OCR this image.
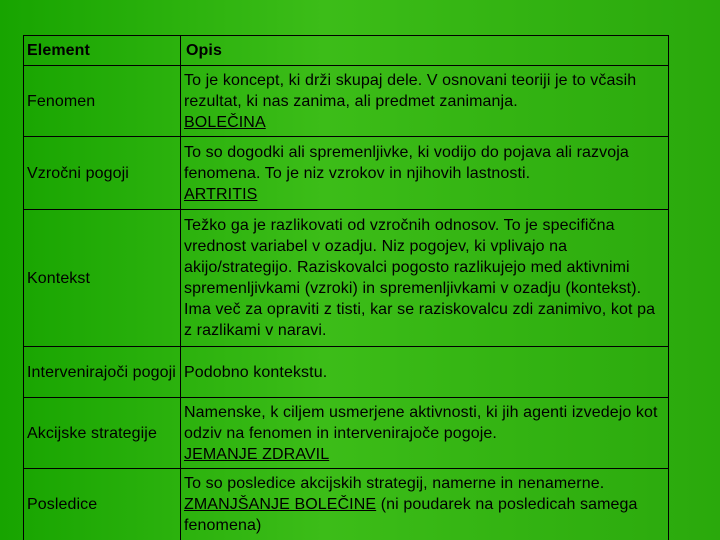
Element	Opis
Fenomen	To je koncept, ki drži skupaj dele. V osnovani teoriji je to včasih rezultat, ki nas zanima, ali predmet zanimanja.
BOLEČINA
Vzročni pogoji	To so dogodki ali spremenljivke, ki vodijo do pojava ali razvoja fenomena. To je niz vzrokov in njihovih lastnosti.
ARTRITIS
Kontekst	Težko ga je razlikovati od vzročnih odnosov. To je specifična vrednost variabel v ozadju. Niz pogojev, ki vplivajo na akijo/strategijo. Raziskovalci pogosto razlikujejo med aktivnimi spremenljivkami (vzroki) in spremenljivkami v ozadju (kontekst). Ima več za opraviti z tisti, kar se raziskovalcu zdi zanimivo, kot pa z razlikami v naravi.
Intervenirajoči pogoji	Podobno kontekstu.
Akcijske strategije	Namenske, k ciljem usmerjene aktivnosti, ki jih agenti izvedejo kot odziv na fenomen in intervenirajoče pogoje.
JEMANJE ZDRAVIL
Posledice	To so posledice akcijskih strategij, namerne in nenamerne. ZMANJŠANJE BOLEČINE (ni poudarek na posledicah samega fenomena)
